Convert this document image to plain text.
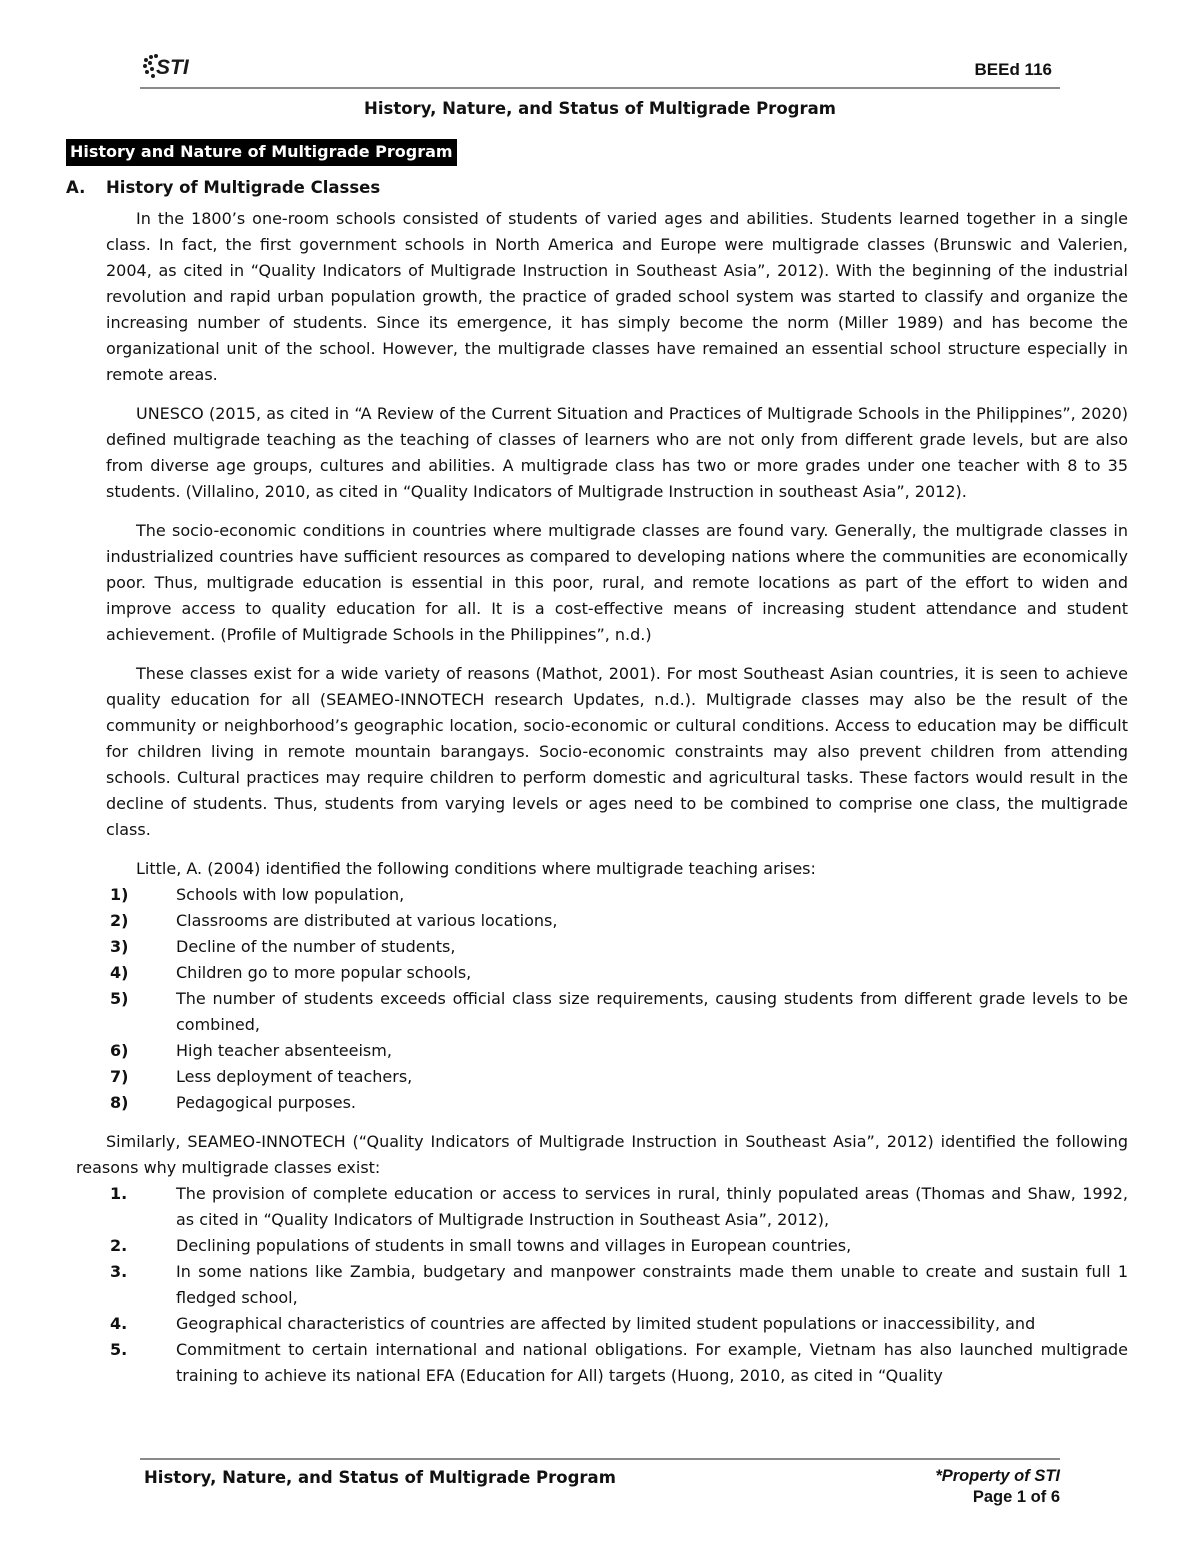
STI	BEEd 116
History, Nature, and Status of Multigrade Program
History and Nature of Multigrade Program
A. History of Multigrade Classes

In the 1800’s one-room schools consisted of students of varied ages and abilities. Students learned together in a single class. In fact, the first government schools in North America and Europe were multigrade classes (Brunswic and Valerien, 2004, as cited in “Quality Indicators of Multigrade Instruction in Southeast Asia”, 2012). With the beginning of the industrial revolution and rapid urban population growth, the practice of graded school system was started to classify and organize the increasing number of students. Since its emergence, it has simply become the norm (Miller 1989) and has become the organizational unit of the school. However, the multigrade classes have remained an essential school structure especially in remote areas.

UNESCO (2015, as cited in “A Review of the Current Situation and Practices of Multigrade Schools in the Philippines”, 2020) defined multigrade teaching as the teaching of classes of learners who are not only from different grade levels, but are also from diverse age groups, cultures and abilities. A multigrade class has two or more grades under one teacher with 8 to 35 students. (Villalino, 2010, as cited in “Quality Indicators of Multigrade Instruction in southeast Asia”, 2012).

The socio-economic conditions in countries where multigrade classes are found vary. Generally, the multigrade classes in industrialized countries have sufficient resources as compared to developing nations where the communities are economically poor. Thus, multigrade education is essential in this poor, rural, and remote locations as part of the effort to widen and improve access to quality education for all. It is a cost-effective means of increasing student attendance and student achievement. (Profile of Multigrade Schools in the Philippines”, n.d.)

These classes exist for a wide variety of reasons (Mathot, 2001). For most Southeast Asian countries, it is seen to achieve quality education for all (SEAMEO-INNOTECH research Updates, n.d.). Multigrade classes may also be the result of the community or neighborhood’s geographic location, socio-economic or cultural conditions. Access to education may be difficult for children living in remote mountain barangays. Socio-economic constraints may also prevent children from attending schools. Cultural practices may require children to perform domestic and agricultural tasks. These factors would result in the decline of students. Thus, students from varying levels or ages need to be combined to comprise one class, the multigrade class.

Little, A. (2004) identified the following conditions where multigrade teaching arises:

1)	Schools with low population,
2)	Classrooms are distributed at various locations,
3)	Decline of the number of students,
4)	Children go to more popular schools,
5)	The number of students exceeds official class size requirements, causing students from different grade levels to be combined,
6)	High teacher absenteeism,
7)	Less deployment of teachers,
8)	Pedagogical purposes.

Similarly, SEAMEO-INNOTECH (“Quality Indicators of Multigrade Instruction in Southeast Asia”, 2012) identified the following reasons why multigrade classes exist:

1.	The provision of complete education or access to services in rural, thinly populated areas (Thomas and Shaw, 1992, as cited in “Quality Indicators of Multigrade Instruction in Southeast Asia”, 2012),
2.	Declining populations of students in small towns and villages in European countries,
3.	In some nations like Zambia, budgetary and manpower constraints made them unable to create and sustain full 1 fledged school,
4.	Geographical characteristics of countries are affected by limited student populations or inaccessibility, and
5.	Commitment to certain international and national obligations. For example, Vietnam has also launched multigrade training to achieve its national EFA (Education for All) targets (Huong, 2010, as cited in “Quality
History, Nature, and Status of Multigrade Program	*Property of STI
Page 1 of 6
